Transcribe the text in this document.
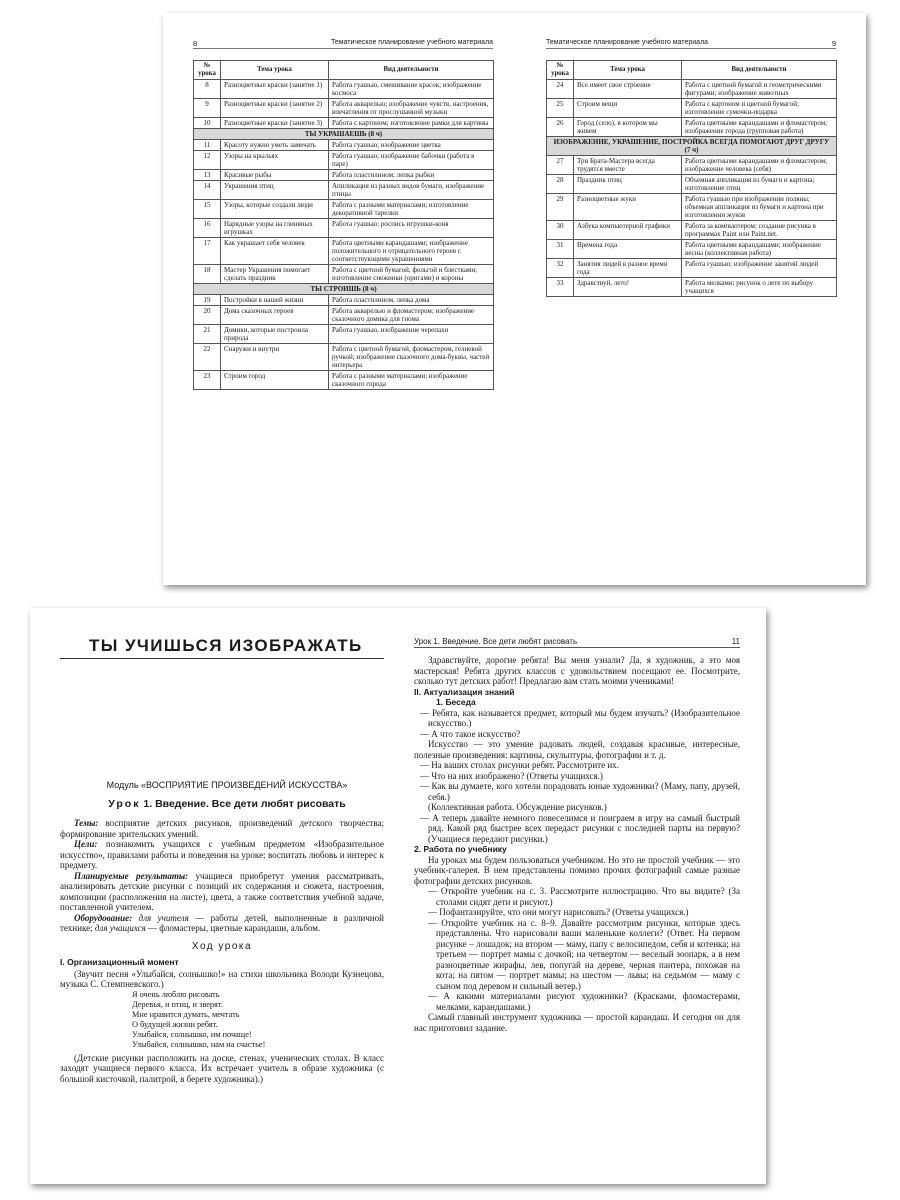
8	Тематическое планирование учебного материала
№ урока	Тема урока	Вид деятельности
8	Разноцветные краски (занятие 1)	Работа гуашью, смешивание красок; изображение космоса
9	Разноцветные краски (занятие 2)	Работа акварелью; изображение чувств, настроения, впечатления от прослушанной музыки
10	Разноцветные краски (занятие 3)	Работа с картоном; изготовление рамки для картины
ТЫ УКРАШАЕШЬ (8 ч)		
11	Красоту нужно уметь замечать	Работа гуашью; изображение цветка
12	Узоры на крыльях	Работа гуашью; изображение бабочки (работа в паре)
13	Красивые рыбы	Работа пластилином; лепка рыбки
14	Украшения птиц	Аппликация из разных видов бумаги, изображение птицы
15	Узоры, которые создали люди	Работа с разными материалами; изготовление декоративной тарелки
16	Нарядные узоры на глиняных игрушках	Работа гуашью; роспись игрушки-коня
17	Как украшает себя человек	Работа цветными карандашами; изображение положительного и отрицательного героев с соответствующими украшениями
18	Мастер Украшения помогает сделать праздник	Работа с цветной бумагой, фольгой и блестками; изготовление снежинки (оригами) и короны
ТЫ СТРОИШЬ (8 ч)		
19	Постройки в нашей жизни	Работа пластилином, лепка дома
20	Дома сказочных героев	Работа акварелью и фломастером; изображение сказочного домика для гнома
21	Домики, которые построила природа	Работа гуашью, изображение черепахи
22	Снаружи и внутри	Работа с цветной бумагой, фломастером, гелиевой ручкой; изображение сказочного дома-буквы, частей интерьера
23	Строим город	Работа с разными материалами; изображение сказочного города
Тематическое планирование учебного материала	9
№ урока	Тема урока	Вид деятельности
24	Все имеет свое строение	Работа с цветной бумагой и геометрическими фигурами; изображение животных
25	Строим вещи	Работа с картоном и цветной бумагой; изготовление сумочки-подарка
26	Город (село), в котором мы живем	Работа цветными карандашами и фломастером; изображение города (групповая работа)
ИЗОБРАЖЕНИЕ, УКРАШЕНИЕ, ПОСТРОЙКА ВСЕГДА ПОМОГАЮТ ДРУГ ДРУГУ (7 ч)		
27	Три Брата-Мастера всегда трудятся вместе	Работа цветными карандашами и фломастером; изображение человека (себя)
28	Праздник птиц	Объемная аппликация из бумаги и картона; изготовление птиц
29	Разноцветные жуки	Работа гуашью при изображении поляны; объемная аппликация из бумаги и картона при изготовлении жуков
30	Азбука компьютерной графики	Работа за компьютером; создание рисунка в программах Paint или Paint.net.
31	Времена года	Работа цветными карандашами; изображение весны (коллективная работа)
32	Занятия людей в разное время года	Работа гуашью; изображение занятий людей
33	Здравствуй, лето!	Работа мелками; рисунок о лете по выбору учащихся
ТЫ УЧИШЬСЯ ИЗОБРАЖАТЬ
Модуль «ВОСПРИЯТИЕ ПРОИЗВЕДЕНИЙ ИСКУССТВА»
Урок 1. Введение. Все дети любят рисовать

Темы: восприятие детских рисунков, произведений детского творчества; формирование зрительских умений.

Цели: познакомить учащихся с учебным предметом «Изобразительное искусство», правилами работы и поведения на уроке; воспитать любовь и интерес к предмету.

Планируемые результаты: учащиеся приобретут умения рассматривать, анализировать детские рисунки с позиций их содержания и сюжета, настроения, композиции (расположения на листе), цвета, а также соответствия учебной задаче, поставленной учителем.

Оборудование: для учителя — работы детей, выполненные в различной технике; для учащихся — фломастеры, цветные карандаши, альбом.

Ход урока
I. Организационный момент

(Звучит песня «Улыбайся, солнышко!» на стихи школьника Володи Кузнецова, музыка С. Стемпневского.)

Я очень люблю рисовать
Деревья, и птиц, и зверят.
Мне нравится думать, мечтать
О будущей жизни ребят.
Улыбайся, солнышко, им почаще!
Улыбайся, солнышко, нам на счастье!

(Детские рисунки расположить на доске, стенах, ученических столах. В класс заходят учащиеся первого класса. Их встречает учитель в образе художника (с большой кисточкой, палитрой, в берете художника).)

Урок 1. Введение. Все дети любят рисовать	11

Здравствуйте, дорогие ребята! Вы меня узнали? Да, я художник, а это моя мастерская! Ребята других классов с удовольствием посещают ее. Посмотрите, сколько тут детских работ! Предлагаю вам стать моими учениками!

II. Актуализация знаний
1. Беседа

— Ребята, как называется предмет, который мы будем изучать? (Изобразительное искусство.)

— А что такое искусство?

Искусство — это умение радовать людей, создавая красивые, интересные, полезные произведения: картины, скульптуры, фотографии и т. д.

— На ваших столах рисунки ребят. Рассмотрите их.

— Что на них изображено? (Ответы учащихся.)

— Как вы думаете, кого хотели порадовать юные художники? (Маму, папу, друзей, себя.)

(Коллективная работа. Обсуждение рисунков.)

— А теперь давайте немного повеселимся и поиграем в игру на самый быстрый ряд. Какой ряд быстрее всех передаст рисунки с последней парты на первую? (Учащиеся передают рисунки.)

2. Работа по учебнику

На уроках мы будем пользоваться учебником. Но это не простой учебник — это учебник-галерея. В нем представлены помимо прочих фотографий самые разные фотографии детских рисунков.

— Откройте учебник на с. 3. Рассмотрите иллюстрацию. Что вы видите? (За столами сидят дети и рисуют.)

— Пофантазируйте, что они могут нарисовать? (Ответы учащихся.)

— Откройте учебник на с. 8–9. Давайте рассмотрим рисунки, которые здесь представлены. Что нарисовали ваши маленькие коллеги? (Ответ. На первом рисунке – лошадок; на втором — маму, папу с велосипедом, себя и котенка; на третьем — портрет мамы с дочкой; на четвертом — веселый зоопарк, а в нем разноцветные жирафы, лев, попугай на дереве, черная пантера, похожая на кота; на пятом — портрет мамы; на шестом — львы; на седьмом — маму с сыном под деревом и сильный ветер.)

— А какими материалами рисуют художники? (Красками, фломастерами, мелками, карандашами.)

Самый главный инструмент художника — простой карандаш. И сегодня он для нас приготовил задание.
